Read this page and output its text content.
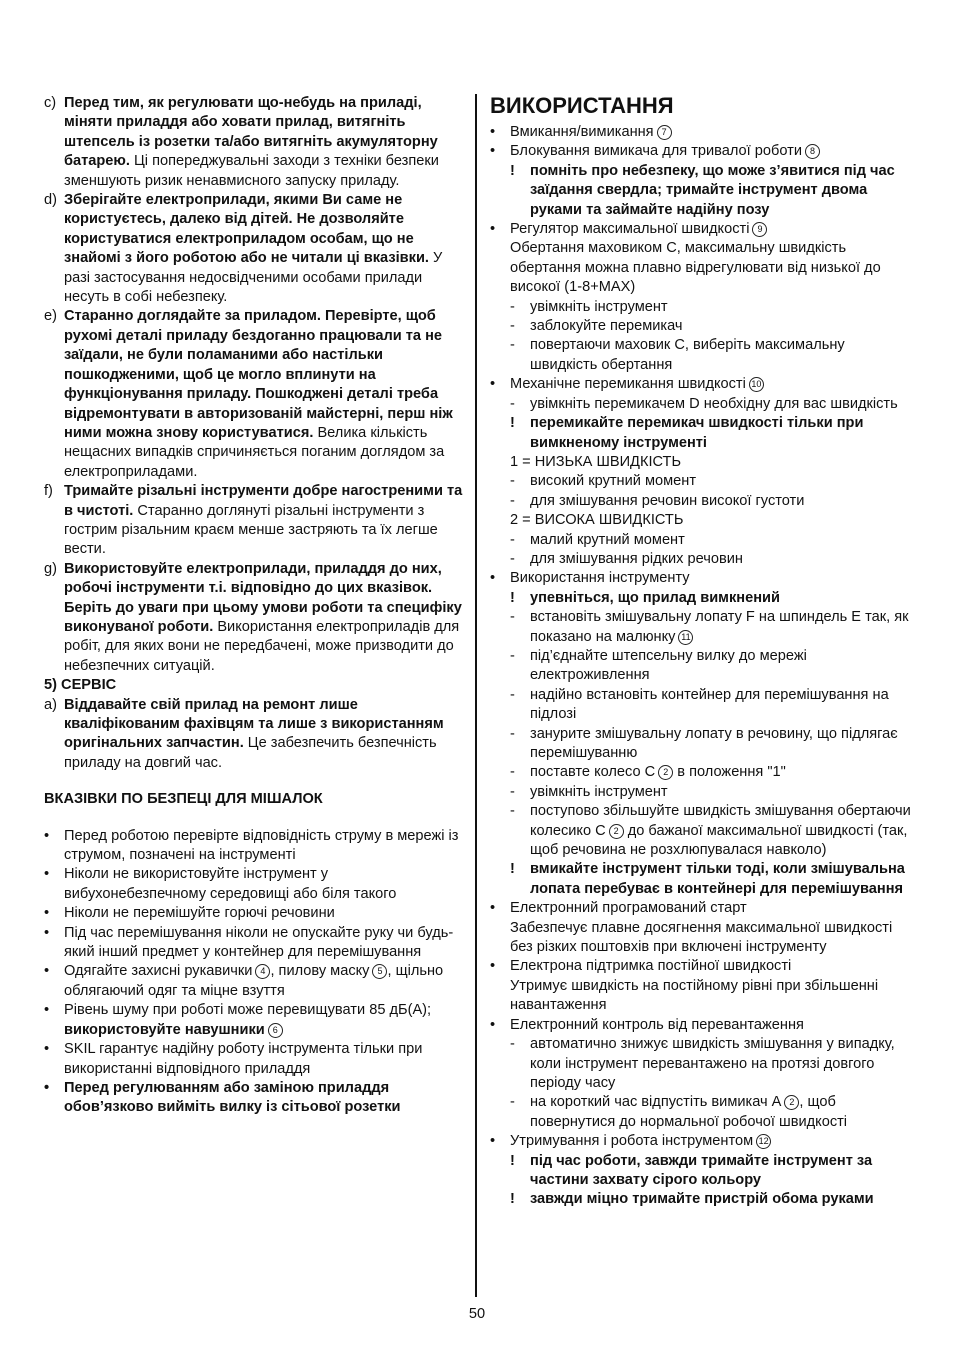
c) Перед тим, як регулювати що-небудь на приладі, міняти приладдя або ховати прилад, витягніть штепсель із розетки та/або витягніть акумуляторну батарею. Ці попереджувальні заходи з техніки безпеки зменшують ризик ненавмисного запуску приладу.
d) Зберігайте електроприлади, якими Ви саме не користуєтесь, далеко від дітей. Не дозволяйте користуватися електроприладом особам, що не знайомі з його роботою або не читали ці вказівки. У разі застосування недосвідченими особами прилади несуть в собі небезпеку.
e) Старанно доглядайте за приладом. Перевірте, щоб рухомі деталі приладу бездоганно працювали та не заїдали, не були поламаними або настільки пошкодженими, щоб це могло вплинути на функціонування приладу. Пошкоджені деталі треба відремонтувати в авторизованій майстерні, перш ніж ними можна знову користуватися. Велика кількість нещасних випадків спричиняється поганим доглядом за електроприладами.
f) Тримайте різальні інструменти добре нагостреними та в чистоті. Старанно доглянуті різальні інструменти з гострим різальним краєм менше застряють та їх легше вести.
g) Використовуйте електроприлади, приладдя до них, робочі інструменти т.і. відповідно до цих вказівок. Беріть до уваги при цьому умови роботи та специфіку виконуваної роботи. Використання електроприладів для робіт, для яких вони не передбачені, може призводити до небезпечних ситуацій.
5) СЕРВІС
a) Віддавайте свій прилад на ремонт лише кваліфікованим фахівцям та лише з використанням оригінальних запчастин. Це забезпечить безпечність приладу на довгий час.
ВКАЗІВКИ ПО БЕЗПЕЦІ ДЛЯ МІШАЛОК
•	Перед роботою перевірте відповідність струму в мережі із струмом, позначені на інструменті
•	Ніколи не використовуйте інструмент у вибухонебезпечному середовищі або біля такого
•	Ніколи не перемішуйте горючі речовини
•	Під час перемішування ніколи не опускайте руку чи будь-який інший предмет у контейнер для перемішування
•	Одягайте захисні рукавички 4 , пилову маску 5 , щільно облягаючий одяг та міцне взуття
•	Рівень шуму при роботі може перевищувати 85 дБ(А); використовуйте навушники 6
•	SKIL гарантує надійну роботу інструмента тільки при використанні відповідного приладдя
•	Перед регулюванням або заміною приладдя обов’язково вийміть вилку із сітьової розетки
ВИКОРИСТАННЯ
•	Вмикання/вимикання 7
•	Блокування вимикача для тривалої роботи 8
!	помніть про небезпеку, що може з’явитися під час заїдання свердла; тримайте інструмент двома руками та займайте надійну позу
•	Регулятор максимальної швидкості 9
Обертання маховиком С, максимальну швидкість обертання можна плавно відрегулювати від низької до високої (1-8+MAX)
-	увімкніть інструмент
-	заблокуйте перемикач
-	повертаючи маховик С, виберіть максимальну швидкість обертання
•	Механічне перемикання швидкості 10
-	увімкніть перемикачем D необхідну для вас швидкість
!	перемикайте перемикач швидкості тільки при вимкненому інструменті
1 = НИЗЬКА ШВИДКІСТЬ
-	високий крутний момент
-	для змішування речовин високої густоти
2 = ВИСОКА ШВИДКІСТЬ
-	малий крутний момент
-	для змішування рідких речовин
•	Використання інструменту
!	упевніться, що прилад вимкнений
-	встановіть змішувальну лопату F на шпиндель E так, як показано на малюнку 11
-	під’єднайте штепсельну вилку до мережі електроживлення
-	надійно встановіть контейнер для перемішування на підлозі
-	занурите змішувальну лопату в речовину, що підлягає перемішуванню
-	поставте колесо С 2 в положення "1"
-	увімкніть інструмент
-	поступово збільшуйте швидкість змішування обертаючи колесико С 2 до бажаної максимальної швидкості (так, щоб речовина не розхлюпувалася навколо)
!	вмикайте інструмент тільки тоді, коли змішувальна лопата перебуває в контейнері для перемішування
•	Електронний програмований старт
Забезпечує плавне досягнення максимальної швидкості без різких поштовхів при включені інструменту
•	Електрона підтримка постійної швидкості
Утримує швидкість на постійному рівні при збільшенні навантаження
•	Електронний контроль від перевантаження
-	автоматично знижує швидкість змішування у випадку, коли інструмент перевантажено на протязі довгого періоду часу
-	на короткий час відпустіть вимикач А 2 , щоб повернутися до нормальної робочої швидкості
•	Утримування і робота інструментом 12
!	під час роботи, завжди тримайте інструмент за частини захвату сірого кольору
!	завжди міцно тримайте пристрій обома руками
50
